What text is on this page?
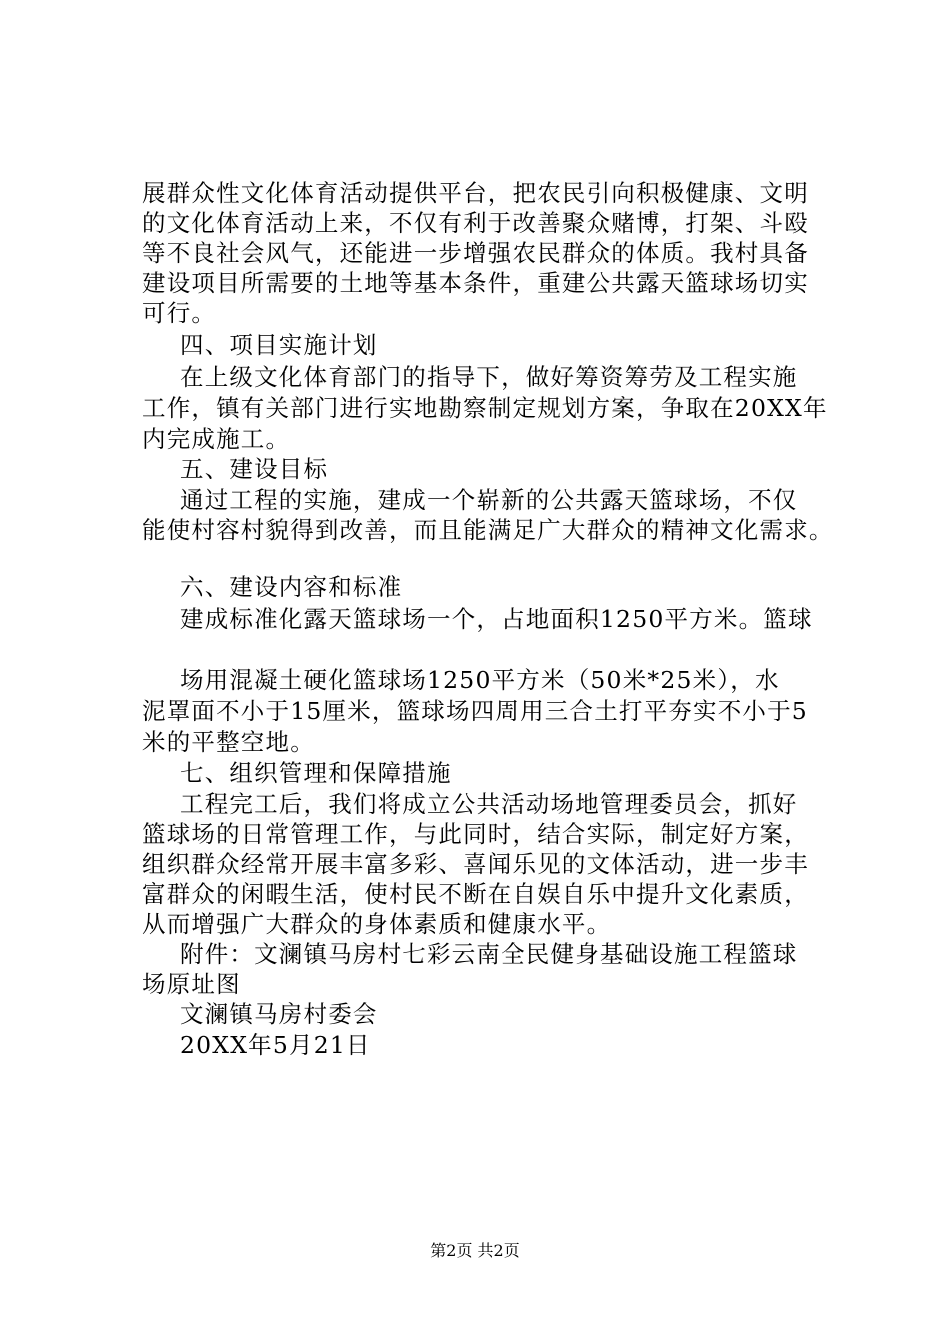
展群众性文化体育活动提供平台，把农民引向积极健康、文明
的文化体育活动上来，不仅有利于改善聚众赌博，打架、斗殴
等不良社会风气，还能进一步增强农民群众的体质。我村具备
建设项目所需要的土地等基本条件，重建公共露天篮球场切实
可行。
四、项目实施计划
在上级文化体育部门的指导下，做好筹资筹劳及工程实施
工作，镇有关部门进行实地勘察制定规划方案，争取在20XX年
内完成施工。
五、建设目标
通过工程的实施，建成一个崭新的公共露天篮球场，不仅
能使村容村貌得到改善，而且能满足广大群众的精神文化需求。
六、建设内容和标准
建成标准化露天篮球场一个，占地面积1250平方米。篮球
场用混凝土硬化篮球场1250平方米（50米*25米），水
泥罩面不小于15厘米，篮球场四周用三合土打平夯实不小于5
米的平整空地。
七、组织管理和保障措施
工程完工后，我们将成立公共活动场地管理委员会，抓好
篮球场的日常管理工作，与此同时，结合实际，制定好方案，
组织群众经常开展丰富多彩、喜闻乐见的文体活动，进一步丰
富群众的闲暇生活，使村民不断在自娱自乐中提升文化素质，
从而增强广大群众的身体素质和健康水平。
附件：文澜镇马房村七彩云南全民健身基础设施工程篮球
场原址图
文澜镇马房村委会
20XX年5月21日
第2页 共2页
